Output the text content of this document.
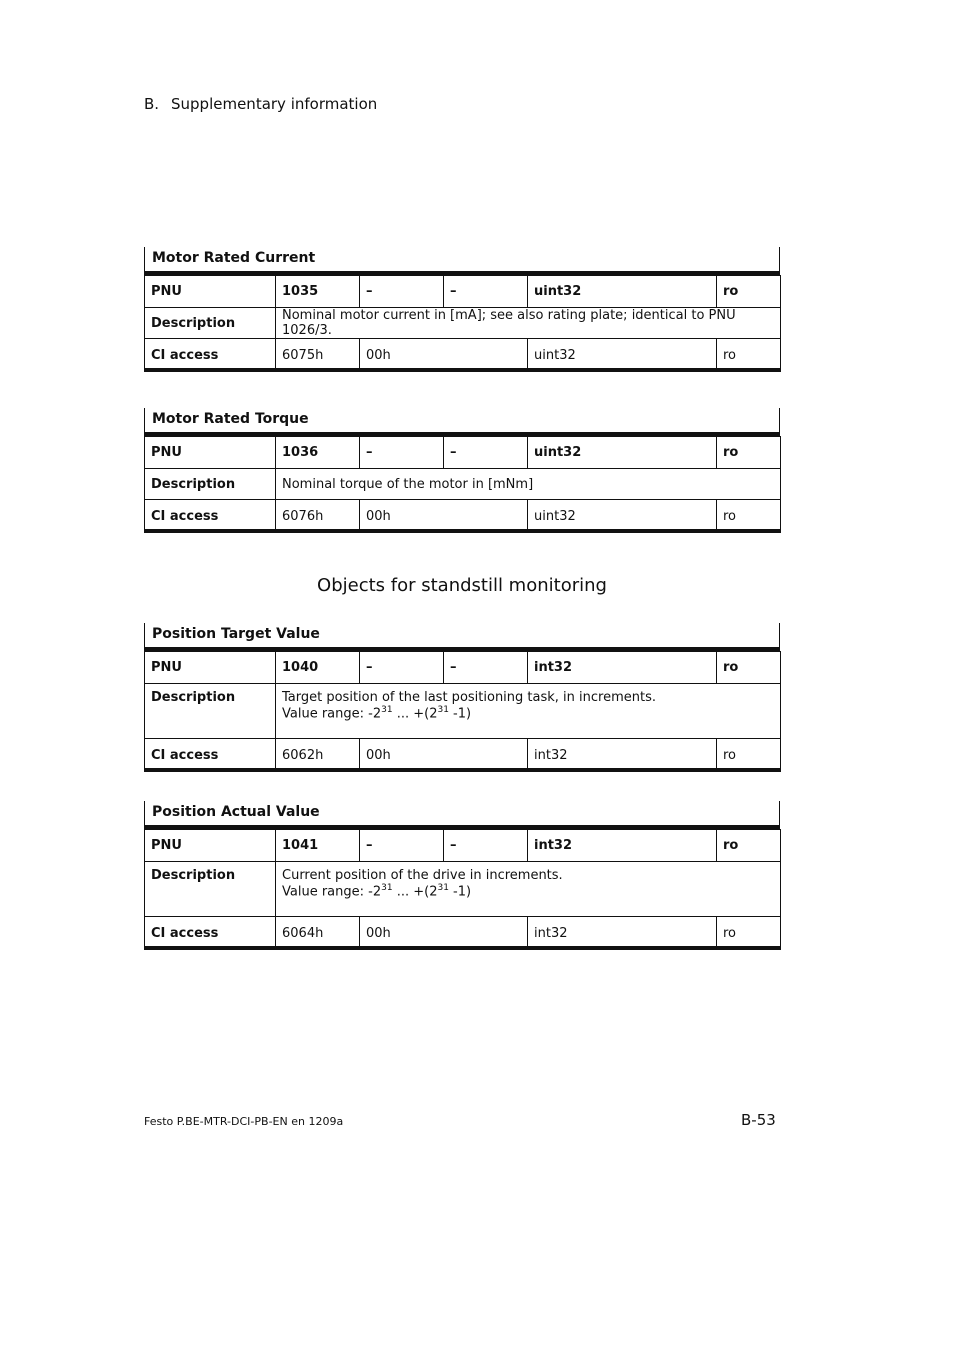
B. Supplementary information
Motor Rated Current
PNU	1035	–	–	uint32	ro
Description	Nominal motor current in [mA]; see also rating plate; identical to PNU 1026/3.				
CI access	6075h	00h		uint32	ro
Motor Rated Torque
PNU	1036	–	–	uint32	ro
Description	Nominal torque of the motor in [mNm]				
CI access	6076h	00h		uint32	ro
Objects for standstill monitoring
Position Target Value
PNU	1040	–	–	int32	ro
Description	Target position of the last positioning task, in increments.
Value range: $-2^{31}$ ... $+(2^{31}$ -1)				

CI access	6062h	00h		int32	ro
Position Actual Value
PNU	1041	–	–	int32	ro
Description	Current position of the drive in increments.
Value range: $-2^{31}$ ... $+(2^{31}$ -1)				

CI access	6064h	00h		int32	ro
Festo P.BE-MTR-DCI-PB-EN en 1209a	B-53
